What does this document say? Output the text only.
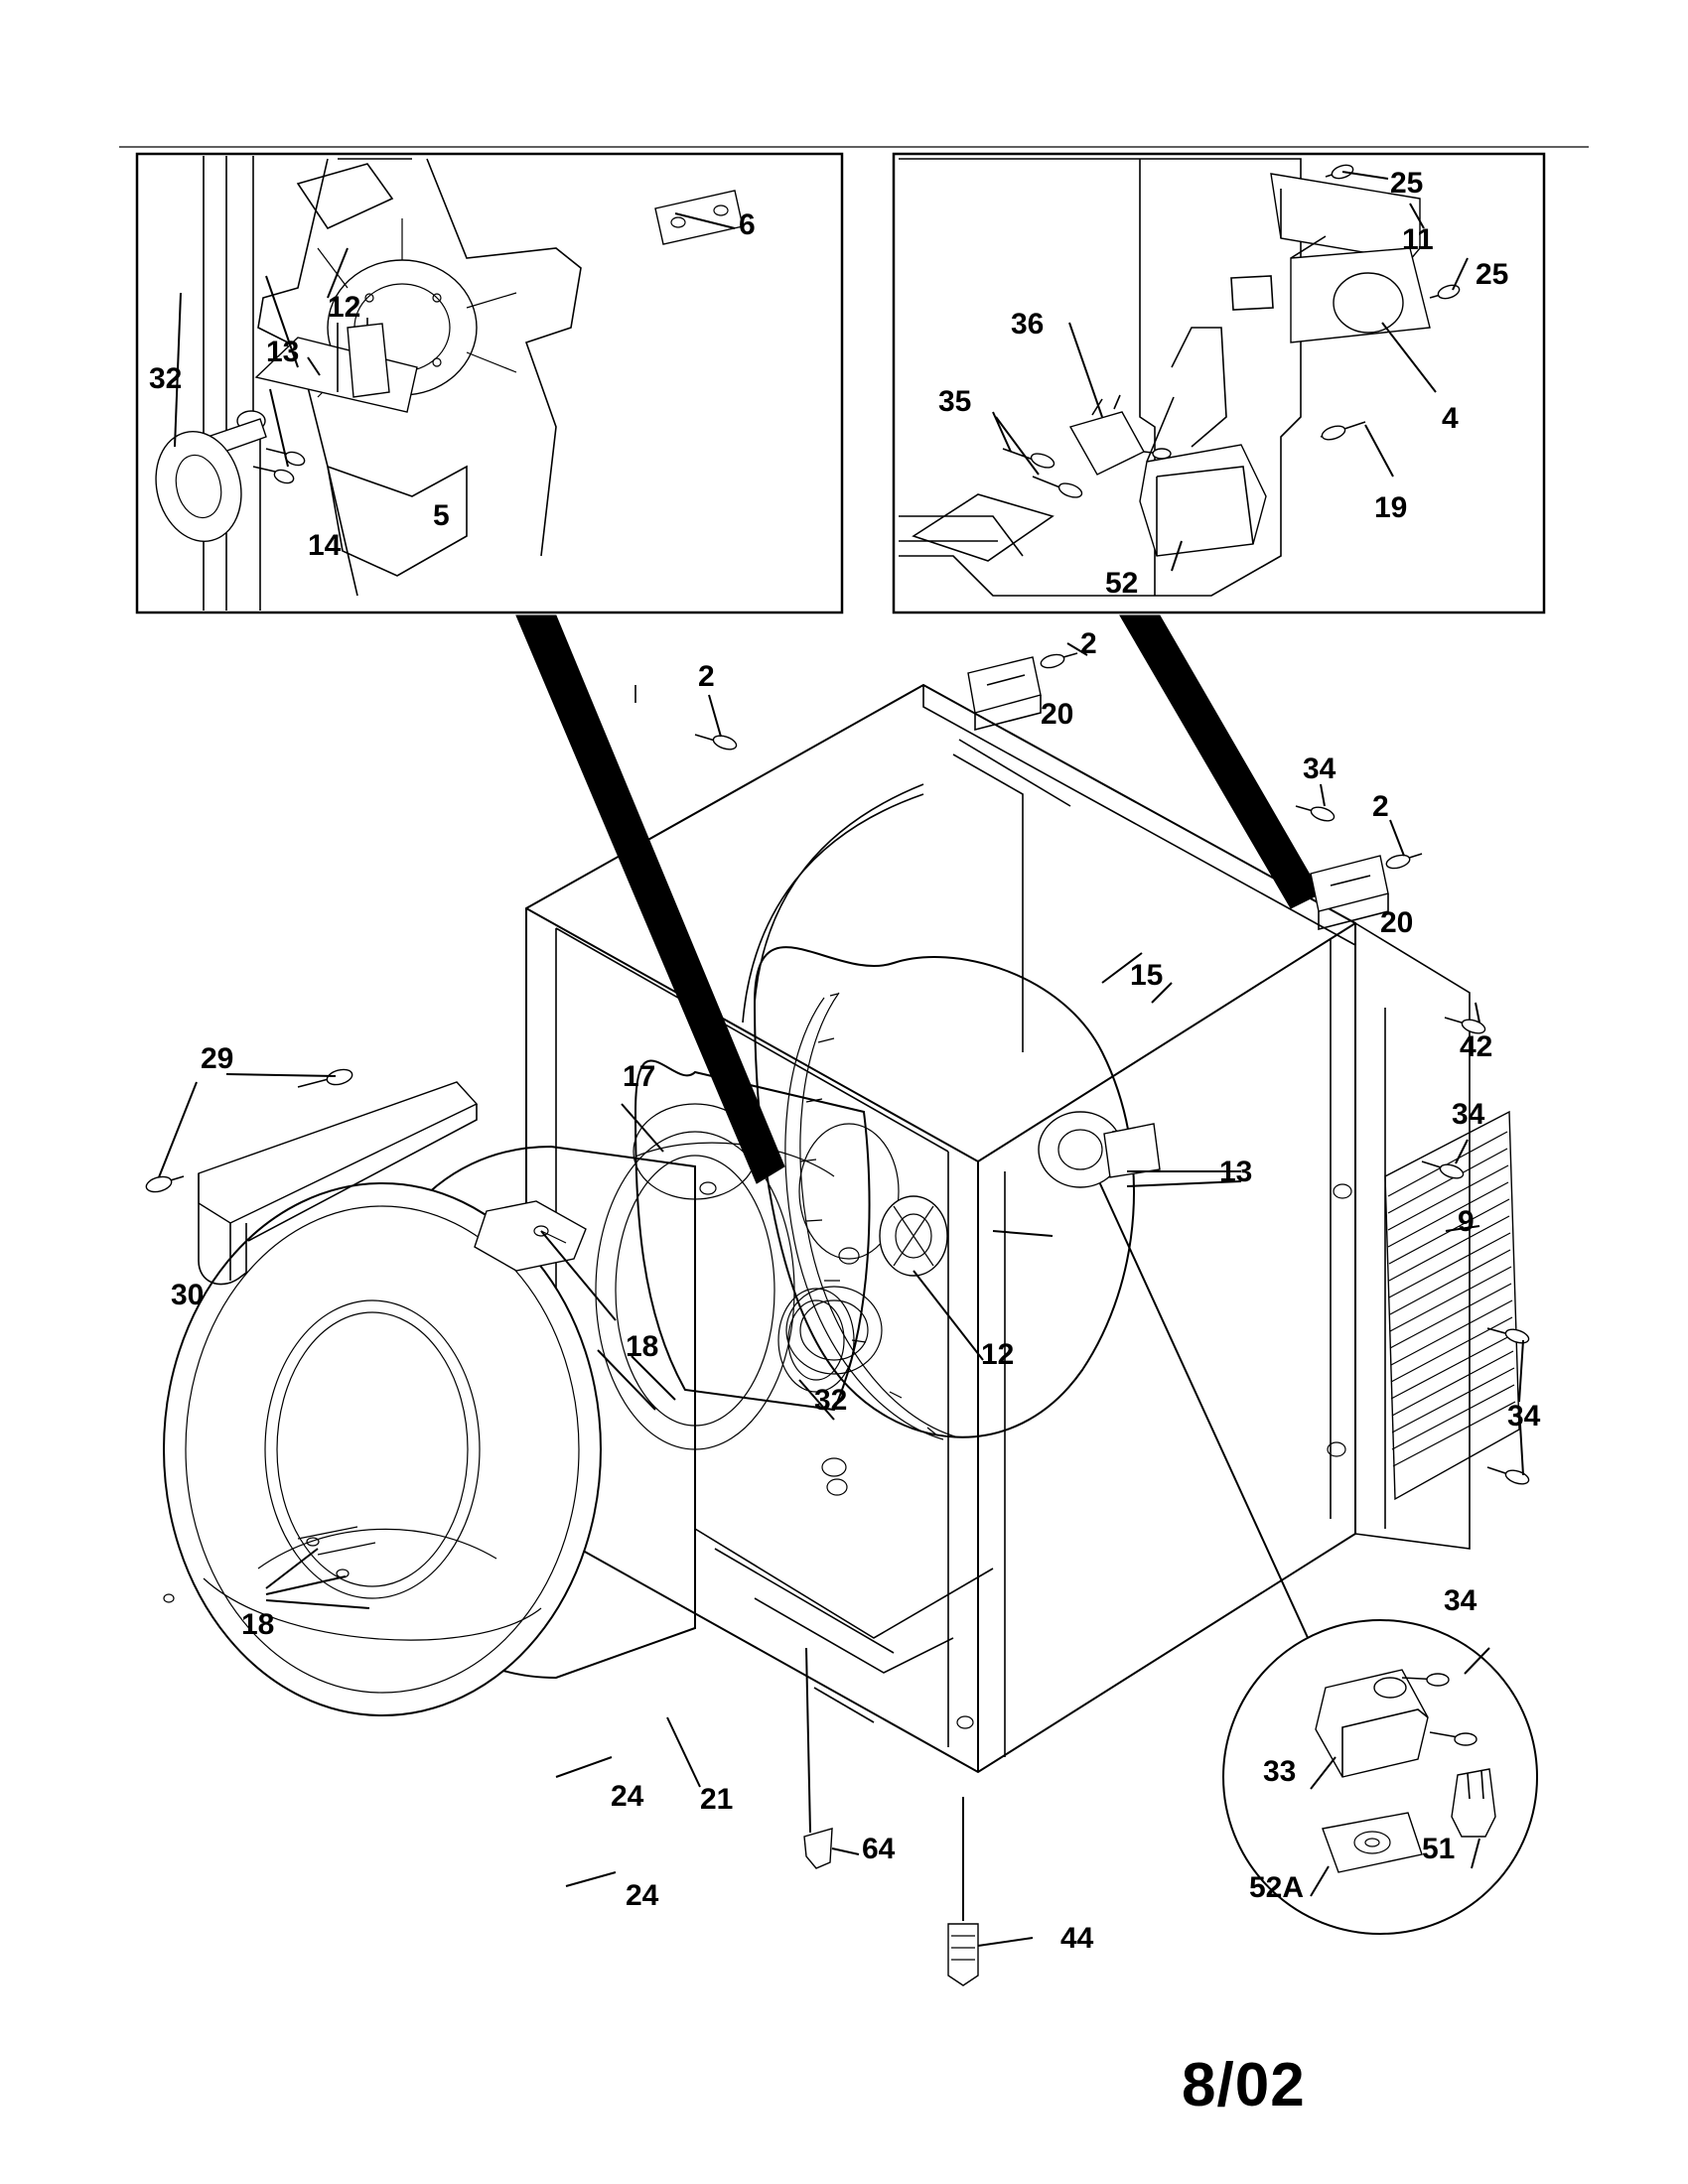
6
12
13
32
14
5
25
11
25
4
36
35
19
52
2
20
2
34
2
20
15
42
34
13
9
29
17
30
18	12
32	34
18
34
33
51
52A
24 21
24
64
44
8/02
